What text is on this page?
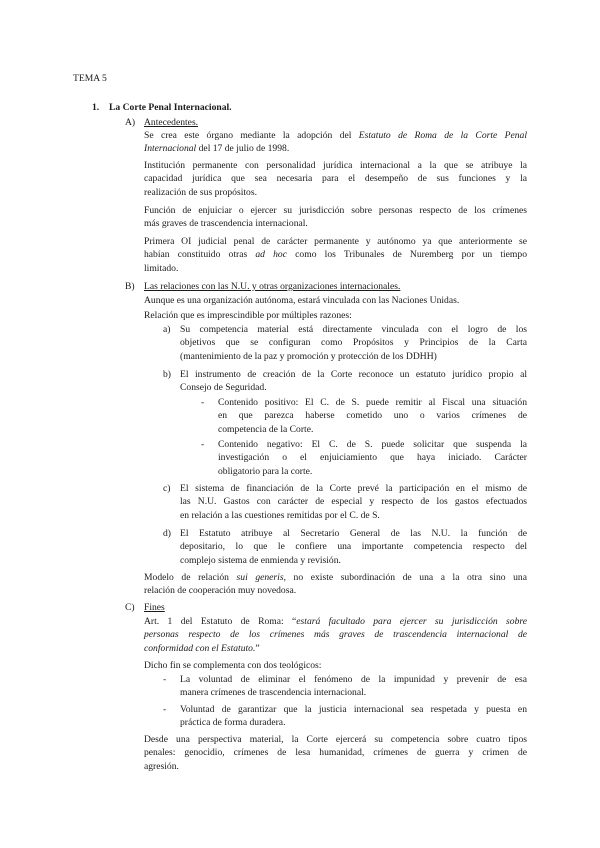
TEMA 5
1. La Corte Penal Internacional.
A) Antecedentes.
Se crea este órgano mediante la adopción del Estatuto de Roma de la Corte Penal
Internacional del 17 de julio de 1998.
Institución permanente con personalidad jurídica internacional a la que se atribuye la
capacidad jurídica que sea necesaria para el desempeño de sus funciones y la
realización de sus propósitos.
Función de enjuiciar o ejercer su jurisdicción sobre personas respecto de los crímenes
más graves de trascendencia internacional.
Primera OI judicial penal de carácter permanente y autónomo ya que anteriormente se
habían constituido otras ad hoc como los Tribunales de Nuremberg por un tiempo
limitado.
B) Las relaciones con las N.U. y otras organizaciones internacionales.
Aunque es una organización autónoma, estará vinculada con las Naciones Unidas.
Relación que es imprescindible por múltiples razones:
a) Su competencia material está directamente vinculada con el logro de los
objetivos que se configuran como Propósitos y Principios de la Carta
(mantenimiento de la paz y promoción y protección de los DDHH)
b) El instrumento de creación de la Corte reconoce un estatuto jurídico propio al
Consejo de Seguridad.
- Contenido positivo: El C. de S. puede remitir al Fiscal una situación
en que parezca haberse cometido uno o varios crímenes de
competencia de la Corte.
- Contenido negativo: El C. de S. puede solicitar que suspenda la
investigación o el enjuiciamiento que haya iniciado. Carácter
obligatorio para la corte.
c) El sistema de financiación de la Corte prevé la participación en el mismo de
las N.U. Gastos con carácter de especial y respecto de los gastos efectuados
en relación a las cuestiones remitidas por el C. de S.
d) El Estatuto atribuye al Secretario General de las N.U. la función de
depositario, lo que le confiere una importante competencia respecto del
complejo sistema de enmienda y revisión.
Modelo de relación sui generis, no existe subordinación de una a la otra sino una
relación de cooperación muy novedosa.
C) Fines
Art. 1 del Estatuto de Roma: “estará facultado para ejercer su jurisdicción sobre
personas respecto de los crímenes más graves de trascendencia internacional de
conformidad con el Estatuto.”
Dicho fin se complementa con dos teológicos:
- La voluntad de eliminar el fenómeno de la impunidad y prevenir de esa
manera crímenes de trascendencia internacional.
- Voluntad de garantizar que la justicia internacional sea respetada y puesta en
práctica de forma duradera.
Desde una perspectiva material, la Corte ejercerá su competencia sobre cuatro tipos
penales: genocidio, crímenes de lesa humanidad, crímenes de guerra y crimen de
agresión.
